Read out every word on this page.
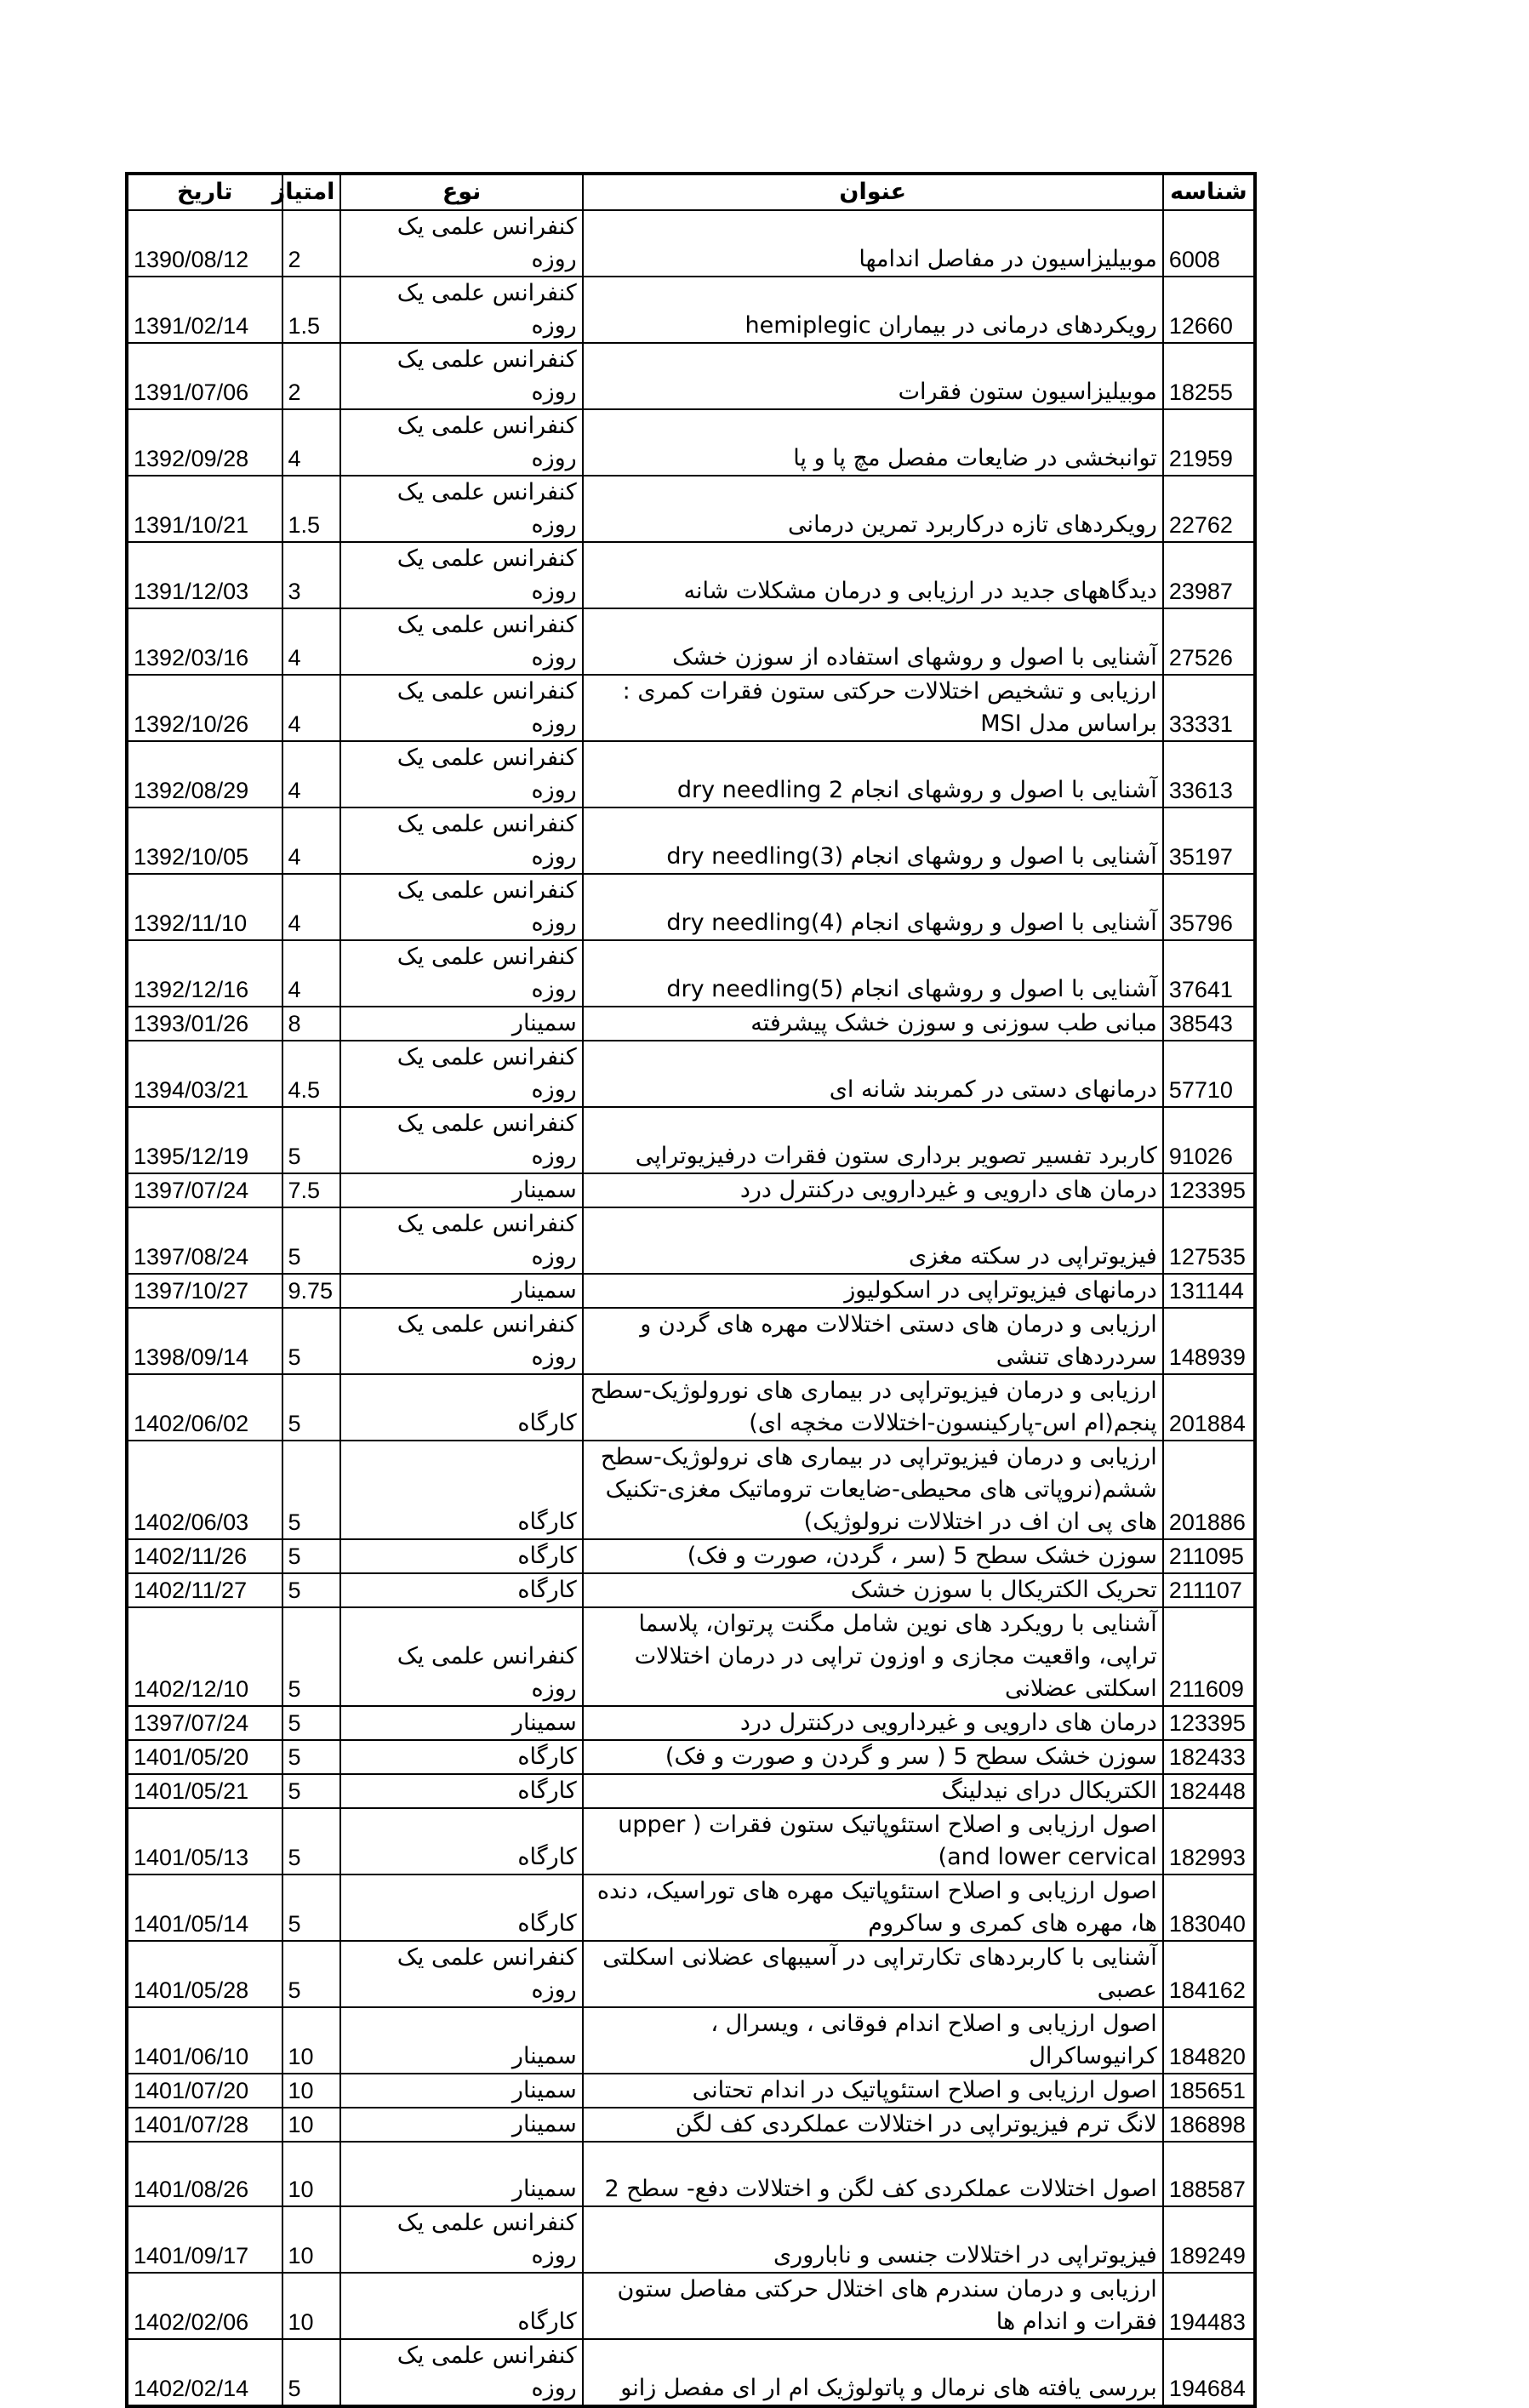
شناسه	عنوان	نوع	امتیاز	تاریخ
6008	موبیلیزاسیون در مفاصل اندامها	کنفرانس علمی یک روزه	2	1390/08/12
12660	رویکردهای درمانی در بیماران hemiplegic	کنفرانس علمی یک روزه	1.5	1391/02/14
18255	موبیلیزاسیون ستون فقرات	کنفرانس علمی یک روزه	2	1391/07/06
21959	توانبخشی در ضایعات مفصل مچ پا و پا	کنفرانس علمی یک روزه	4	1392/09/28
22762	رویکردهای تازه درکاربرد تمرین درمانی	کنفرانس علمی یک روزه	1.5	1391/10/21
23987	دیدگاههای جدید در ارزیابی و درمان مشکلات شانه	کنفرانس علمی یک روزه	3	1391/12/03
27526	آشنایی با اصول و روشهای استفاده از سوزن خشک	کنفرانس علمی یک روزه	4	1392/03/16
33331	ارزیابی و تشخیص اختلالات حرکتی ستون فقرات کمری : براساس مدل MSI	کنفرانس علمی یک روزه	4	1392/10/26
33613	آشنایی با اصول و روشهای انجام dry needling 2	کنفرانس علمی یک روزه	4	1392/08/29
35197	آشنایی با اصول و روشهای انجام dry needling(3)	کنفرانس علمی یک روزه	4	1392/10/05
35796	آشنایی با اصول و روشهای انجام dry needling(4)	کنفرانس علمی یک روزه	4	1392/11/10
37641	آشنایی با اصول و روشهای انجام dry needling(5)	کنفرانس علمی یک روزه	4	1392/12/16
38543	مبانی طب سوزنی و سوزن خشک پیشرفته	سمینار	8	1393/01/26
57710	درمانهای دستی در کمربند شانه ای	کنفرانس علمی یک روزه	4.5	1394/03/21
91026	کاربرد تفسیر تصویر برداری ستون فقرات درفیزیوتراپی	کنفرانس علمی یک روزه	5	1395/12/19
123395	درمان های دارویی و غیردارویی درکنترل درد	سمینار	7.5	1397/07/24
127535	فیزیوتراپی در سکته مغزی	کنفرانس علمی یک روزه	5	1397/08/24
131144	درمانهای فیزیوتراپی در اسکولیوز	سمینار	9.75	1397/10/27
148939	ارزیابی و درمان های دستی اختلالات مهره های گردن و سردردهای تنشی	کنفرانس علمی یک روزه	5	1398/09/14
201884	ارزیابی و درمان فیزیوتراپی در بیماری های نورولوژیک-سطح پنجم(ام اس-پارکینسون-اختلالات مخچه ای)	کارگاه	5	1402/06/02
201886	ارزیابی و درمان فیزیوتراپی در بیماری های نرولوژیک-سطح ششم(نروپاتی های محیطی-ضایعات تروماتیک مغزی-تکنیک های پی ان اف در اختلالات نرولوژیک)	کارگاه	5	1402/06/03
211095	سوزن خشک سطح 5 (سر ، گردن، صورت و فک)	کارگاه	5	1402/11/26
211107	تحریک الکتریکال با سوزن خشک	کارگاه	5	1402/11/27
211609	آشنایی با رویکرد های نوین شامل مگنت پرتوان، پلاسما تراپی، واقعیت مجازی و اوزون تراپی در درمان اختلالات اسکلتی عضلانی	کنفرانس علمی یک روزه	5	1402/12/10
123395	درمان های دارویی و غیردارویی درکنترل درد	سمینار	5	1397/07/24
182433	سوزن خشک سطح 5 ( سر و گردن و صورت و فک)	کارگاه	5	1401/05/20
182448	الکتریکال درای نیدلینگ	کارگاه	5	1401/05/21
182993	اصول ارزیابی و اصلاح استئوپاتیک ستون فقرات ( upper and lower cervical)	کارگاه	5	1401/05/13
183040	اصول ارزیابی و اصلاح استئوپاتیک مهره های توراسیک، دنده ها، مهره های کمری و ساکروم	کارگاه	5	1401/05/14
184162	آشنایی با کاربردهای تکارتراپی در آسیبهای عضلانی اسکلتی عصبی	کنفرانس علمی یک روزه	5	1401/05/28
184820	اصول ارزیابی و اصلاح اندام فوقانی ، ویسرال ، کرانیوساکرال	سمینار	10	1401/06/10
185651	اصول ارزیابی و اصلاح استئوپاتیک در اندام تحتانی	سمینار	10	1401/07/20
186898	لانگ ترم فیزیوتراپی در اختلالات عملکردی کف لگن	سمینار	10	1401/07/28
188587	اصول اختلالات عملکردی کف لگن و اختلالات دفع- سطح 2	سمینار	10	1401/08/26
189249	فیزیوتراپی در اختلالات جنسی و ناباروری	کنفرانس علمی یک روزه	10	1401/09/17
194483	ارزیابی و درمان سندرم های اختلال حرکتی مفاصل ستون فقرات و اندام ها	کارگاه	10	1402/02/06
194684	بررسی یافته های نرمال و پاتولوژیک ام ار ای مفصل زانو	کنفرانس علمی یک روزه	5	1402/02/14
